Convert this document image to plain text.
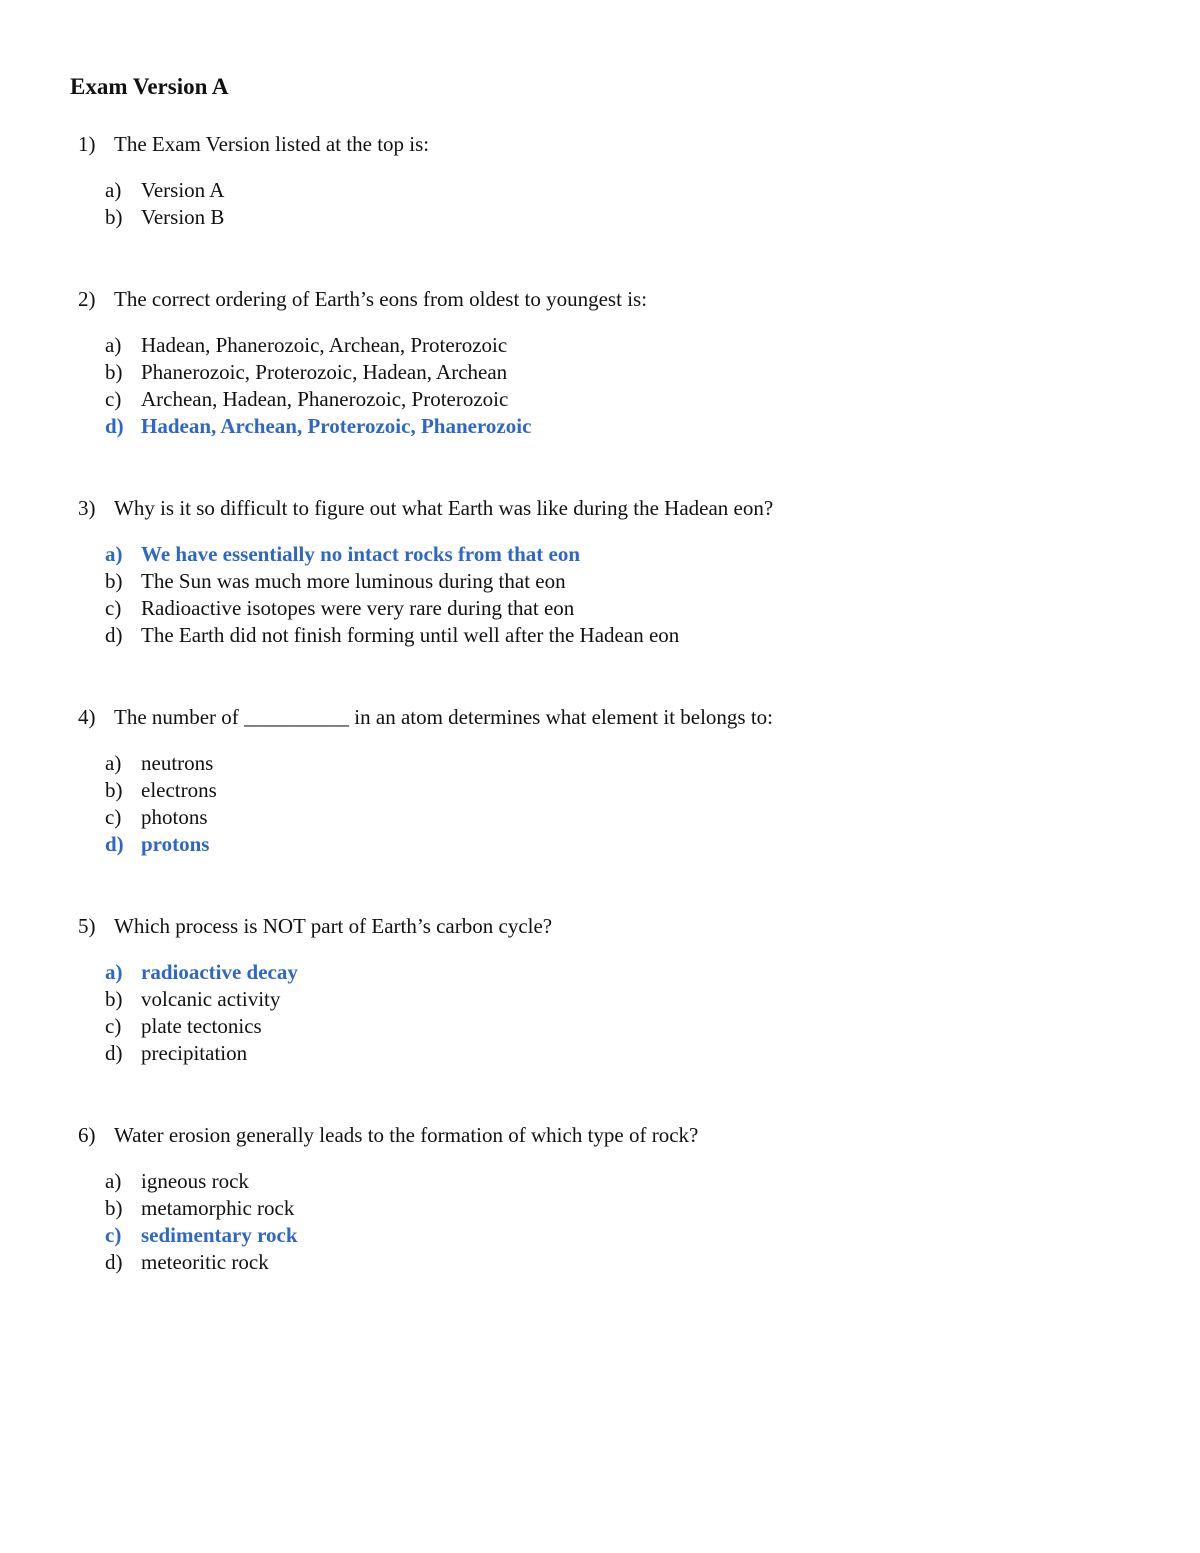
Exam Version A
1) The Exam Version listed at the top is:
a) Version A
b) Version B
2) The correct ordering of Earth’s eons from oldest to youngest is:
a) Hadean, Phanerozoic, Archean, Proterozoic
b) Phanerozoic, Proterozoic, Hadean, Archean
c) Archean, Hadean, Phanerozoic, Proterozoic
d) Hadean, Archean, Proterozoic, Phanerozoic
3) Why is it so difficult to figure out what Earth was like during the Hadean eon?
a) We have essentially no intact rocks from that eon
b) The Sun was much more luminous during that eon
c) Radioactive isotopes were very rare during that eon
d) The Earth did not finish forming until well after the Hadean eon
4) The number of __________ in an atom determines what element it belongs to:
a) neutrons
b) electrons
c) photons
d) protons
5) Which process is NOT part of Earth’s carbon cycle?
a) radioactive decay
b) volcanic activity
c) plate tectonics
d) precipitation
6) Water erosion generally leads to the formation of which type of rock?
a) igneous rock
b) metamorphic rock
c) sedimentary rock
d) meteoritic rock
